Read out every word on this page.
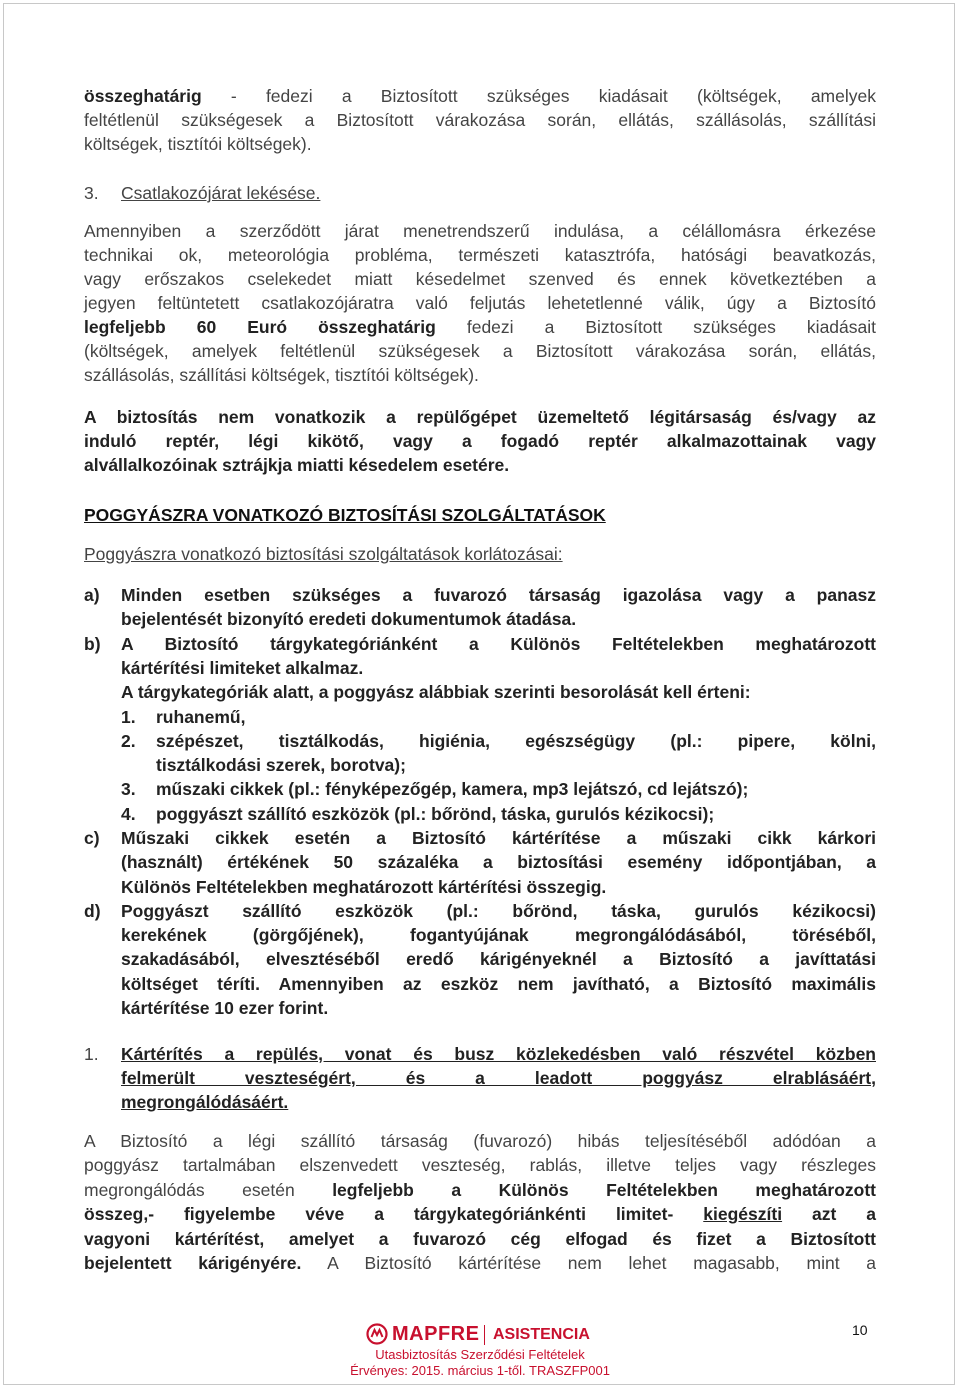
összeghatárig - fedezi a Biztosított szükséges kiadásait (költségek, amelyek

feltétlenül szükségesek a Biztosított várakozása során, ellátás, szállásolás, szállítási

költségek, tisztítói költségek).

3. Csatlakozójárat lekésése.

Amennyiben a szerződött járat menetrendszerű indulása, a célállomásra érkezése

technikai ok, meteorológia probléma, természeti katasztrófa, hatósági beavatkozás,

vagy erőszakos cselekedet miatt késedelmet szenved és ennek következtében a

jegyen feltüntetett csatlakozójáratra való feljutás lehetetlenné válik, úgy a Biztosító

legfeljebb 60 Euró összeghatárig fedezi a Biztosított szükséges kiadásait

(költségek, amelyek feltétlenül szükségesek a Biztosított várakozása során, ellátás,

szállásolás, szállítási költségek, tisztítói költségek).

A biztosítás nem vonatkozik a repülőgépet üzemeltető légitársaság és/vagy az

induló reptér, légi kikötő, vagy a fogadó reptér alkalmazottainak vagy

alvállalkozóinak sztrájkja miatti késedelem esetére.

POGGYÁSZRA VONATKOZÓ BIZTOSÍTÁSI SZOLGÁLTATÁSOK
Poggyászra vonatkozó biztosítási szolgáltatások korlátozásai:
a) Minden esetben szükséges a fuvarozó társaság igazolása vagy a panasz

bejelentését bizonyító eredeti dokumentumok átadása.

b) A Biztosító tárgykategóriánként a Különös Feltételekben meghatározott

kártérítési limiteket alkalmaz.

A tárgykategóriák alatt, a poggyász alábbiak szerinti besorolását kell érteni:

1. ruhanemű,

2. szépészet, tisztálkodás, higiénia, egészségügy (pl.: pipere, kölni,

tisztálkodási szerek, borotva);

3. műszaki cikkek (pl.: fényképezőgép, kamera, mp3 lejátszó, cd lejátszó);

4. poggyászt szállító eszközök (pl.: bőrönd, táska, gurulós kézikocsi);

c) Műszaki cikkek esetén a Biztosító kártérítése a műszaki cikk kárkori

(használt) értékének 50 százaléka a biztosítási esemény időpontjában, a

Különös Feltételekben meghatározott kártérítési összegig.

d) Poggyászt szállító eszközök (pl.: bőrönd, táska, gurulós kézikocsi)

kerekének (görgőjének), fogantyújának megrongálódásából, töréséből,

szakadásából, elvesztéséből eredő kárigényeknél a Biztosító a javíttatási

költséget téríti. Amennyiben az eszköz nem javítható, a Biztosító maximális

kártérítése 10 ezer forint.

1. Kártérítés a repülés, vonat és busz közlekedésben való részvétel közben

felmerült veszteségért, és a leadott poggyász elrablásáért,

megrongálódásáért.

A Biztosító a légi szállító társaság (fuvarozó) hibás teljesítéséből adódóan a

poggyász tartalmában elszenvedett veszteség, rablás, illetve teljes vagy részleges

megrongálódás esetén legfeljebb a Különös Feltételekben meghatározott

összeg,- figyelembe véve a tárgykategóriánkénti limitet- kiegészíti azt a

vagyoni kártérítést, amelyet a fuvarozó cég elfogad és fizet a Biztosított

bejelentett kárigényére. A Biztosító kártérítése nem lehet magasabb, mint a

10
MAPFRE ASISTENCIA
Utasbiztosítás Szerződési Feltételek
Érvényes: 2015. március 1-től. TRASZFP001
